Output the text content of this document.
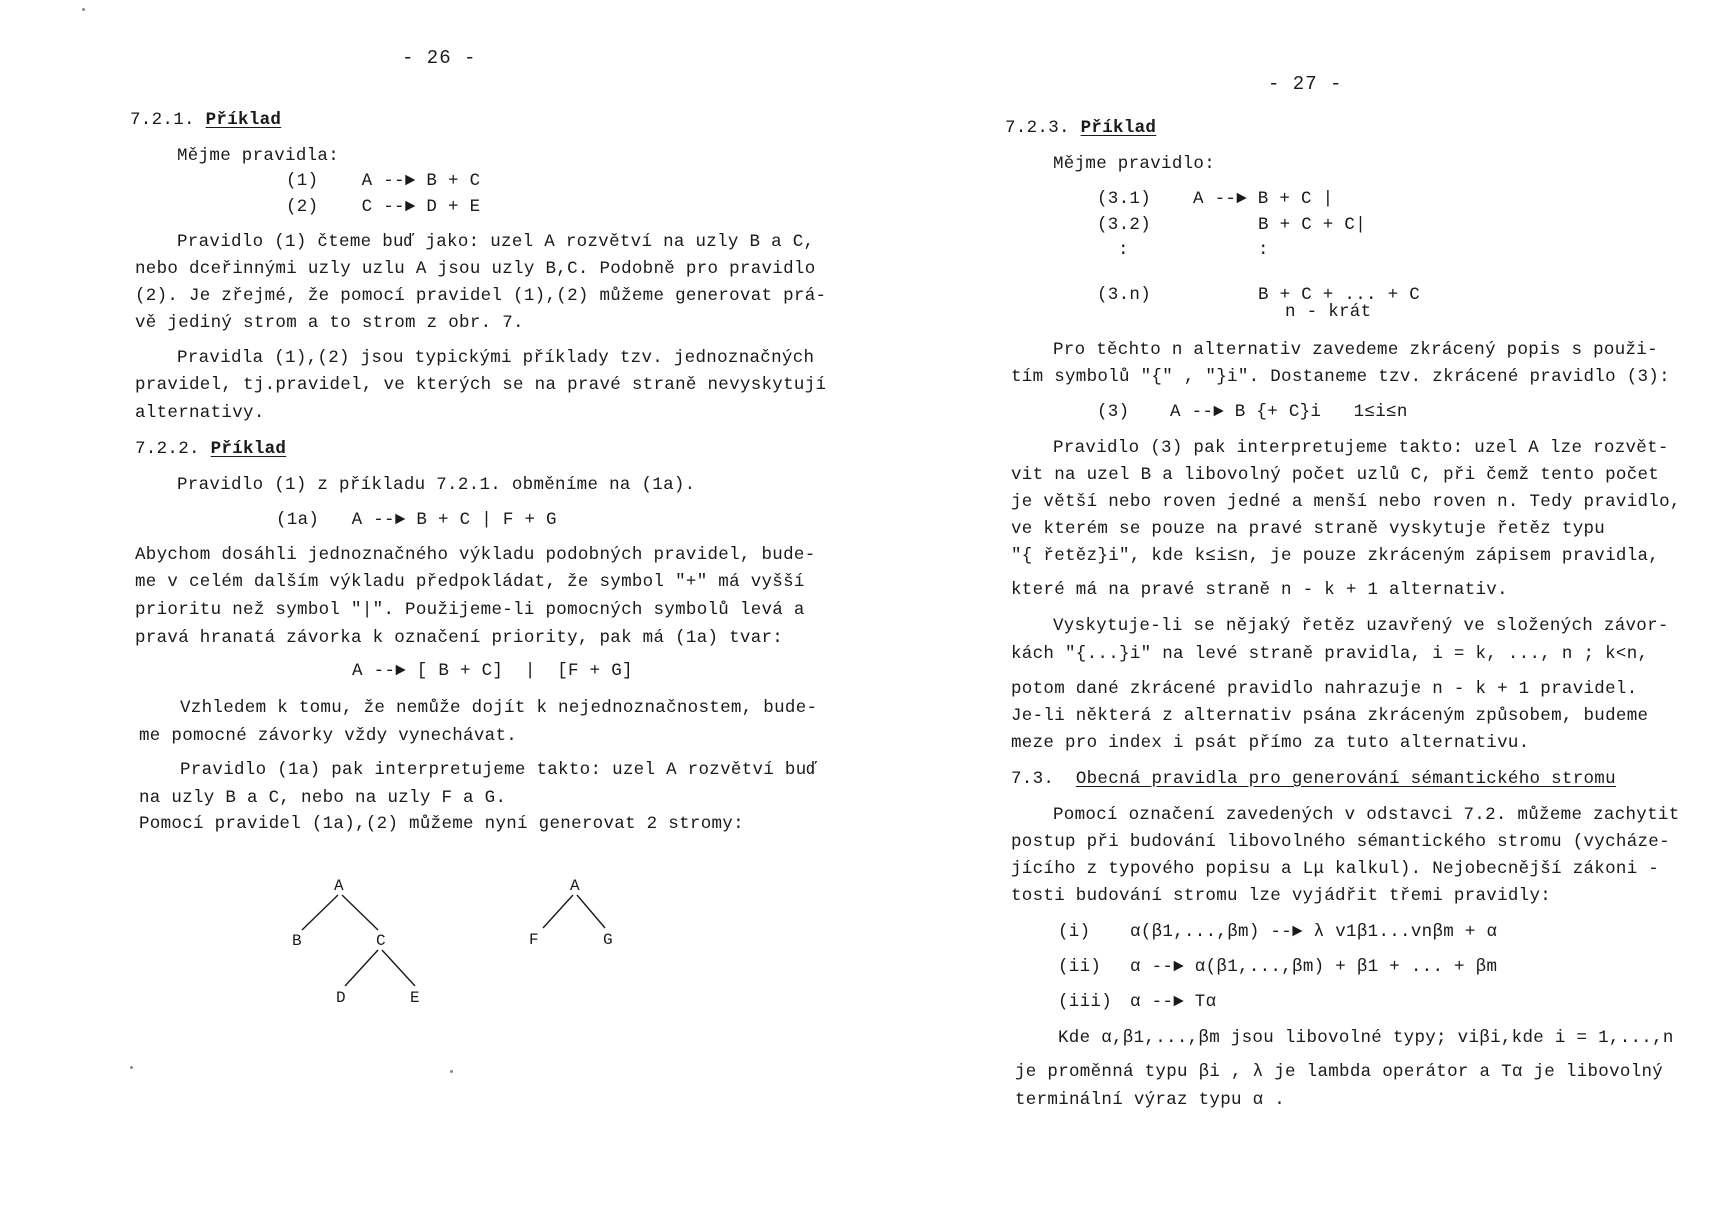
- 26 -
7.2.1. Příklad
Mějme pravidla:
(1)    A --► B + C
(2)    C --► D + E
Pravidlo (1) čteme buď jako: uzel A rozvětví na uzly B a C,
nebo dceřinnými uzly uzlu A jsou uzly B,C. Podobně pro pravidlo
(2). Je zřejmé, že pomocí pravidel (1),(2) můžeme generovat prá-
vě jediný strom a to strom z obr. 7.
Pravidla (1),(2) jsou typickými příklady tzv. jednoznačných
pravidel, tj.pravidel, ve kterých se na pravé straně nevyskytují
alternativy.
7.2.2. Příklad
Pravidlo (1) z příkladu 7.2.1. obměníme na (1a).
(1a)   A --► B + C | F + G
Abychom dosáhli jednoznačného výkladu podobných pravidel, bude-
me v celém dalším výkladu předpokládat, že symbol "+" má vyšší
prioritu než symbol "|". Použijeme-li pomocných symbolů levá a
pravá hranatá závorka k označení priority, pak má (1a) tvar:
A --► [ B + C]  |  [F + G]
Vzhledem k tomu, že nemůže dojít k nejednoznačnostem, bude-
me pomocné závorky vždy vynechávat.
Pravidlo (1a) pak interpretujeme takto: uzel A rozvětví buď
na uzly B a C, nebo na uzly F a G.
Pomocí pravidel (1a),(2) můžeme nyní generovat 2 stromy:
A
B	C
D	E
A
F	G
- 27 -
7.2.3. Příklad
Mějme pravidlo:
(3.1) A --► B + C |
(3.2)	B + C + C|
:	:
(3.n)	B + C + ... + C
n - krát
Pro těchto n alternativ zavedeme zkrácený popis s použi-
tím symbolů "{" , "}i". Dostaneme tzv. zkrácené pravidlo (3):
(3) A --► B {+ C}i   1≤i≤n
Pravidlo (3) pak interpretujeme takto: uzel A lze rozvět-
vit na uzel B a libovolný počet uzlů C, při čemž tento počet
je větší nebo roven jedné a menší nebo roven n. Tedy pravidlo,
ve kterém se pouze na pravé straně vyskytuje řetěz typu
"{ řetěz}i", kde k≤i≤n, je pouze zkráceným zápisem pravidla,
které má na pravé straně n - k + 1 alternativ.
Vyskytuje-li se nějaký řetěz uzavřený ve složených závor-
kách "{...}i" na levé straně pravidla, i = k, ..., n ; k<n,
potom dané zkrácené pravidlo nahrazuje n - k + 1 pravidel.
Je-li některá z alternativ psána zkráceným způsobem, budeme
meze pro index i psát přímo za tuto alternativu.
7.3. Obecná pravidla pro generování sémantického stromu
Pomocí označení zavedených v odstavci 7.2. můžeme zachytit
postup při budování libovolného sémantického stromu (vycháze-
jícího z typového popisu a Lμ kalkul). Nejobecnější zákoni -
tosti budování stromu lze vyjádřit třemi pravidly:
(i) α(β1,...,βm) --► λ v1β1...vnβm + α
(ii) α --► α(β1,...,βm) + β1 + ... + βm
(iii) α --► Tα
Kde α,β1,...,βm jsou libovolné typy; viβi,kde i = 1,...,n
je proměnná typu βi , λ je lambda operátor a Tα je libovolný
terminální výraz typu α .
